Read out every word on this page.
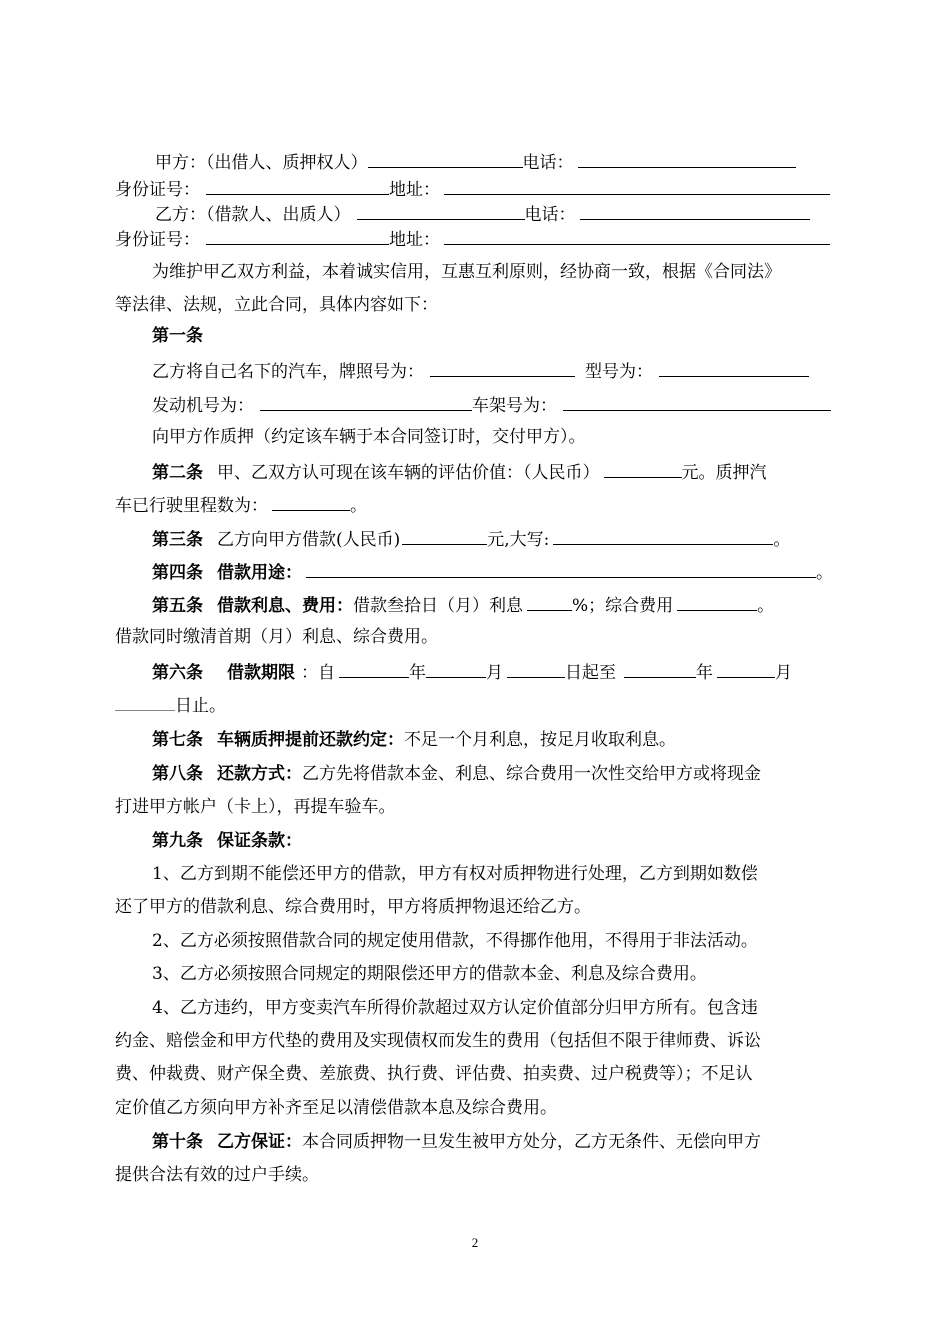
甲方：（出借人、质押权人）	电话：
身份证号：	地址：
乙方：（借款人、出质人）	电话：
身份证号：	地址：
为维护甲乙双方利益，本着诚实信用，互惠互利原则，经协商一致，根据《合同法》
等法律、法规，立此合同，具体内容如下：
第一条
乙方将自己名下的汽车，牌照号为：	型号为：
发动机号为：	车架号为：
向甲方作质押（约定该车辆于本合同签订时，交付甲方）。
第二条 甲、乙双方认可现在该车辆的评估价值：（人民币）	元。质押汽
车已行驶里程数为：	。
第三条 乙方向甲方借款(人民币)	元,大写:	。
第四条 借款用途：	。
第五条 借款利息、费用：借款叁拾日（月）利息	%；综合费用	。
借款同时缴清首期（月）利息、综合费用。
第六条 借款期限 ：自	年	月	日起至	年	月
日止。
第七条 车辆质押提前还款约定：不足一个月利息，按足月收取利息。
第八条 还款方式：乙方先将借款本金、利息、综合费用一次性交给甲方或将现金
打进甲方帐户（卡上），再提车验车。
第九条 保证条款：
1、乙方到期不能偿还甲方的借款，甲方有权对质押物进行处理，乙方到期如数偿
还了甲方的借款利息、综合费用时，甲方将质押物退还给乙方。
2、乙方必须按照借款合同的规定使用借款，不得挪作他用，不得用于非法活动。
3、乙方必须按照合同规定的期限偿还甲方的借款本金、利息及综合费用。
4、乙方违约，甲方变卖汽车所得价款超过双方认定价值部分归甲方所有。包含违
约金、赔偿金和甲方代垫的费用及实现债权而发生的费用（包括但不限于律师费、诉讼
费、仲裁费、财产保全费、差旅费、执行费、评估费、拍卖费、过户税费等）；不足认
定价值乙方须向甲方补齐至足以清偿借款本息及综合费用。
第十条 乙方保证：本合同质押物一旦发生被甲方处分，乙方无条件、无偿向甲方
提供合法有效的过户手续。
2
